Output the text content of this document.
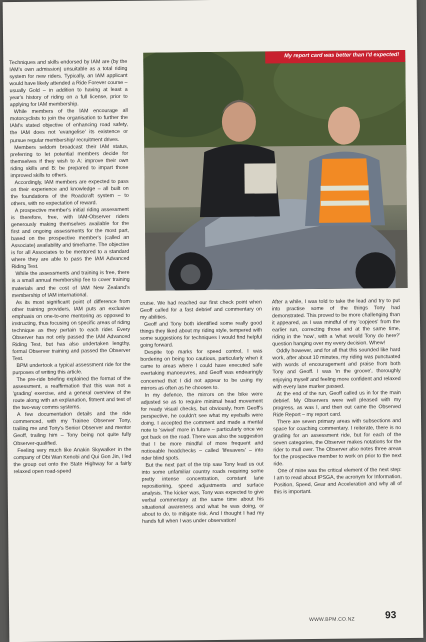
Techniques and skills endorsed by IAM are (by the IAM's own admission) unsuitable as a total riding system for new riders. Typically, an IAM applicant would have likely attended a Ride Forever course – usually Gold – in addition to having at least a year's history of riding on a full license, prior to applying for IAM membership.

While members of the IAM encourage all motorcyclists to join the organisation to further the IAM's stated objective of enhancing road safety, the IAM does not 'evangelise' its existence or pursue regular membership/ recruitment drives.

Members seldom broadcast their IAM status, preferring to let potential members decide for themselves if they wish to A: improve their own riding skills and B: be prepared to impart those improved skills to others.

Accordingly, IAM members are expected to pass on their experience and knowledge – all built on the foundations of the Roadcraft system – to others, with no expectation of reward.

A prospective member's initial riding assessment is therefore, free, with IAM-Observer riders generously making themselves available for the first and ongoing assessments for the most part, based on the prospective member's (called an Associate) availability and timeframe. The objective is for all Associates to be mentored to a standard where they are able to pass the IAM Advanced Riding Test.

While the assessments and training is free, there is a small annual membership fee to cover training materials and the cost of IAM New Zealand's membership of IAM international.

As its most significant point of difference from other training providers, IAM puts an exclusive emphasis on one-to-one mentoring as opposed to instructing, thus focusing on specific areas of riding technique as they pertain to each rider. Every Observer has not only passed the IAM Advanced Riding Test, but has also undertaken lengthy, formal Observer training and passed the Observer Test.

BPM undertook a typical assessment ride for the purposes of writing this article.

The pre-ride briefing explained the format of the assessment, a reaffirmation that this was not a 'grading' exercise, and a general overview of the route along with an explanation, fitment and test of the two-way comms systems.

A few documentation details and the ride commenced, with my Trainee Observer Tony, trailing me and Tony's Senior Observer and mentor Geoff, trailing him – Tony being not quite fully Observer-qualified.

Feeling very much like Anakin Skywalker in the company of Obi Wan Kenobi and Qui Gon Jin, I led the group out onto the State Highway for a fairly relaxed open road-speed

My report card was better than I'd expected!

cruise. We had reached our first check point when Geoff called for a fast debrief and commentary on my abilities.

Geoff and Tony both identified some really good things they liked about my riding style, tempered with some suggestions for techniques I would find helpful going forward.

Despite top marks for speed control, I was bordering on being too cautious, particularly when it came to areas where I could have executed safe overtaking manoeuvres, and Geoff was endearingly concerned that I did not appear to be using my mirrors as often as he chooses to.

In my defence, the mirrors on the bike were adjusted so as to require minimal head movement for ready visual checks, but obviously, from Geoff's perspective, he couldn't see what my eyeballs were doing. I accepted the comment and made a mental note to 'swivel' more in future – particularly once we got back on the road. There was also the suggestion that I be more mindful of more frequent and noticeable headchecks – called 'lifesavers' – into rider blind spots.

But the next part of the trip saw Tony lead us out into some unfamiliar country roads requiring some pretty intense concentration, constant lane repositioning, speed adjustments and surface analysis. The kicker was, Tony was expected to give verbal commentary at the same time about his situational awareness and what he was doing, or about to do, to mitigate risk. And I thought I had my hands full when I was under observation!

After a while, I was told to take the lead and try to put into practise some of the things Tony had demonstrated. This proved to be more challenging than it appeared, as I was mindful of my 'copjees' from the earlier run, correcting those and at the same time, riding in the 'now', with a 'what would Tony do here?' question hanging over my every decision. Whew!

Oddly however, and for all that this sounded like hard work, after about 10 minutes, my riding was punctuated with words of encouragement and praise from both Tony and Geoff. I was 'in the groove', thoroughly enjoying myself and feeling more confident and relaxed with every lane marker passed.

At the end of the run, Geoff called us in for the main debrief. My Observers were well pleased with my progress, as was I, and then out came the Observed Ride Report – my report card.

There are seven primary areas with subsections and space for coaching commentary. I reiterate, there is no grading for an assessment ride, but for each of the seven categories, the Observer makes notations for the rider to mull over. The Observer also notes three areas for the prospective member to work on prior to the next ride.

One of mine was the critical element of the next step: I am to read about IPSGA, the acronym for Information, Position, Speed, Gear and Acceleration and why all of this is important.

WWW.BPM.CO.NZ	93
